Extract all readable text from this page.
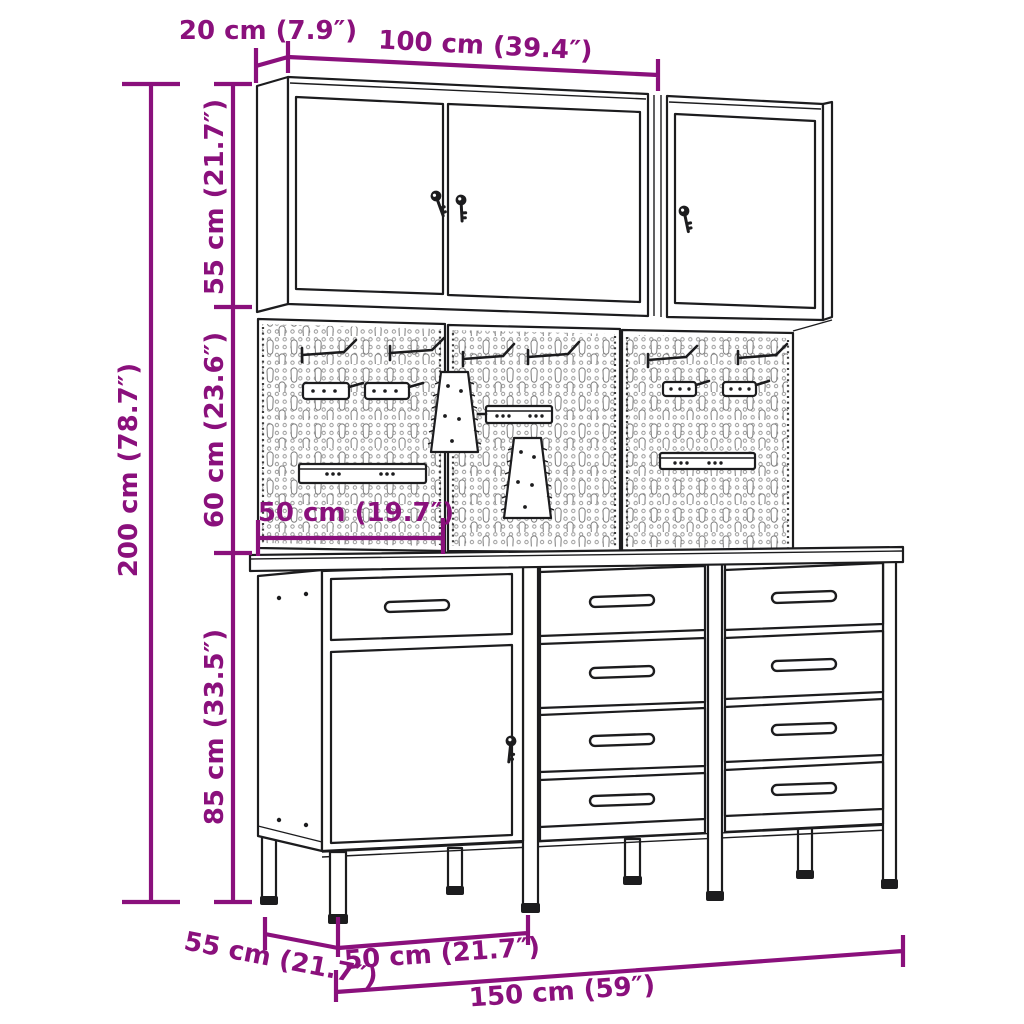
20 cm (7.9″) 100 cm (39.4″)
200 cm (78.7″)
55 cm (21.7″)
60 cm (23.6″)
85 cm (33.5″)
50 cm (19.7″)
55 cm (21.7″)
50 cm (21.7″)
150 cm (59″)
